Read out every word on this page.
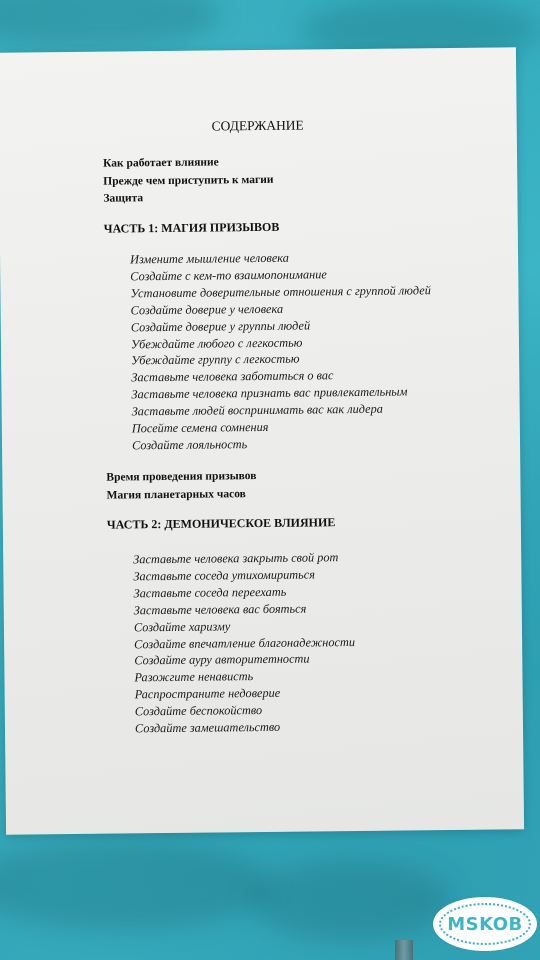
СОДЕРЖАНИЕ
Как работает влияние
Прежде чем приступить к магии
Защита
ЧАСТЬ 1: МАГИЯ ПРИЗЫВОВ
Измените мышление человека
Создайте с кем-то взаимопонимание
Установите доверительные отношения с группой людей
Создайте доверие у человека
Создайте доверие у группы людей
Убеждайте любого с легкостью
Убеждайте группу с легкостью
Заставьте человека заботиться о вас
Заставьте человека признать вас привлекательным
Заставьте людей воспринимать вас как лидера
Посейте семена сомнения
Создайте лояльность
Время проведения призывов
Магия планетарных часов
ЧАСТЬ 2: ДЕМОНИЧЕСКОЕ ВЛИЯНИЕ
Заставьте человека закрыть свой рот
Заставьте соседа утихомириться
Заставьте соседа переехать
Заставьте человека вас бояться
Создайте харизму
Создайте впечатление благонадежности
Создайте ауру авторитетности
Разожгите ненависть
Распространите недоверие
Создайте беспокойство
Создайте замешательство
MSKOB
